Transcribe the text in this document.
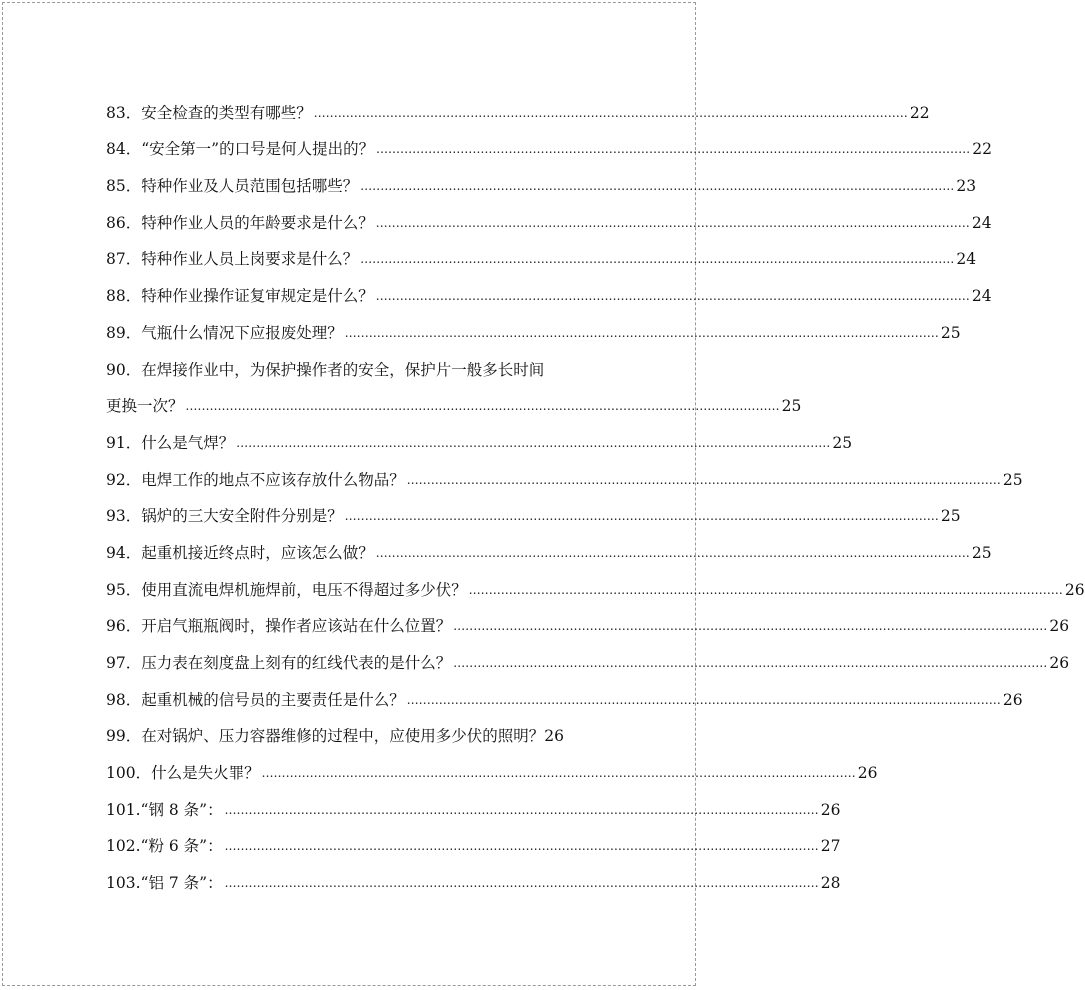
83．安全检查的类型有哪些？ .................................................................................................................................................... 22
84．“安全第一”的口号是何人提出的？ .................................................................................................................................................... 22
85．特种作业及人员范围包括哪些？ .................................................................................................................................................... 23
86．特种作业人员的年龄要求是什么？ .................................................................................................................................................... 24
87．特种作业人员上岗要求是什么？ .................................................................................................................................................... 24
88．特种作业操作证复审规定是什么？ .................................................................................................................................................... 24
89．气瓶什么情况下应报废处理？ .................................................................................................................................................... 25
90．在焊接作业中，为保护操作者的安全，保护片一般多长时间
更换一次？ .................................................................................................................................................... 25
91．什么是气焊？ .................................................................................................................................................... 25
92．电焊工作的地点不应该存放什么物品？ .................................................................................................................................................... 25
93．锅炉的三大安全附件分别是？ .................................................................................................................................................... 25
94．起重机接近终点时，应该怎么做？ .................................................................................................................................................... 25
95．使用直流电焊机施焊前，电压不得超过多少伏？ .................................................................................................................................................... 26
96．开启气瓶瓶阀时，操作者应该站在什么位置？ .................................................................................................................................................... 26
97．压力表在刻度盘上刻有的红线代表的是什么？ .................................................................................................................................................... 26
98．起重机械的信号员的主要责任是什么？ .................................................................................................................................................... 26
99．在对锅炉、压力容器维修的过程中，应使用多少伏的照明？ 26
100．什么是失火罪？ .................................................................................................................................................... 26
101.“钢 8 条”： .................................................................................................................................................... 26
102.“粉 6 条”： .................................................................................................................................................... 27
103.“铝 7 条”： .................................................................................................................................................... 28
